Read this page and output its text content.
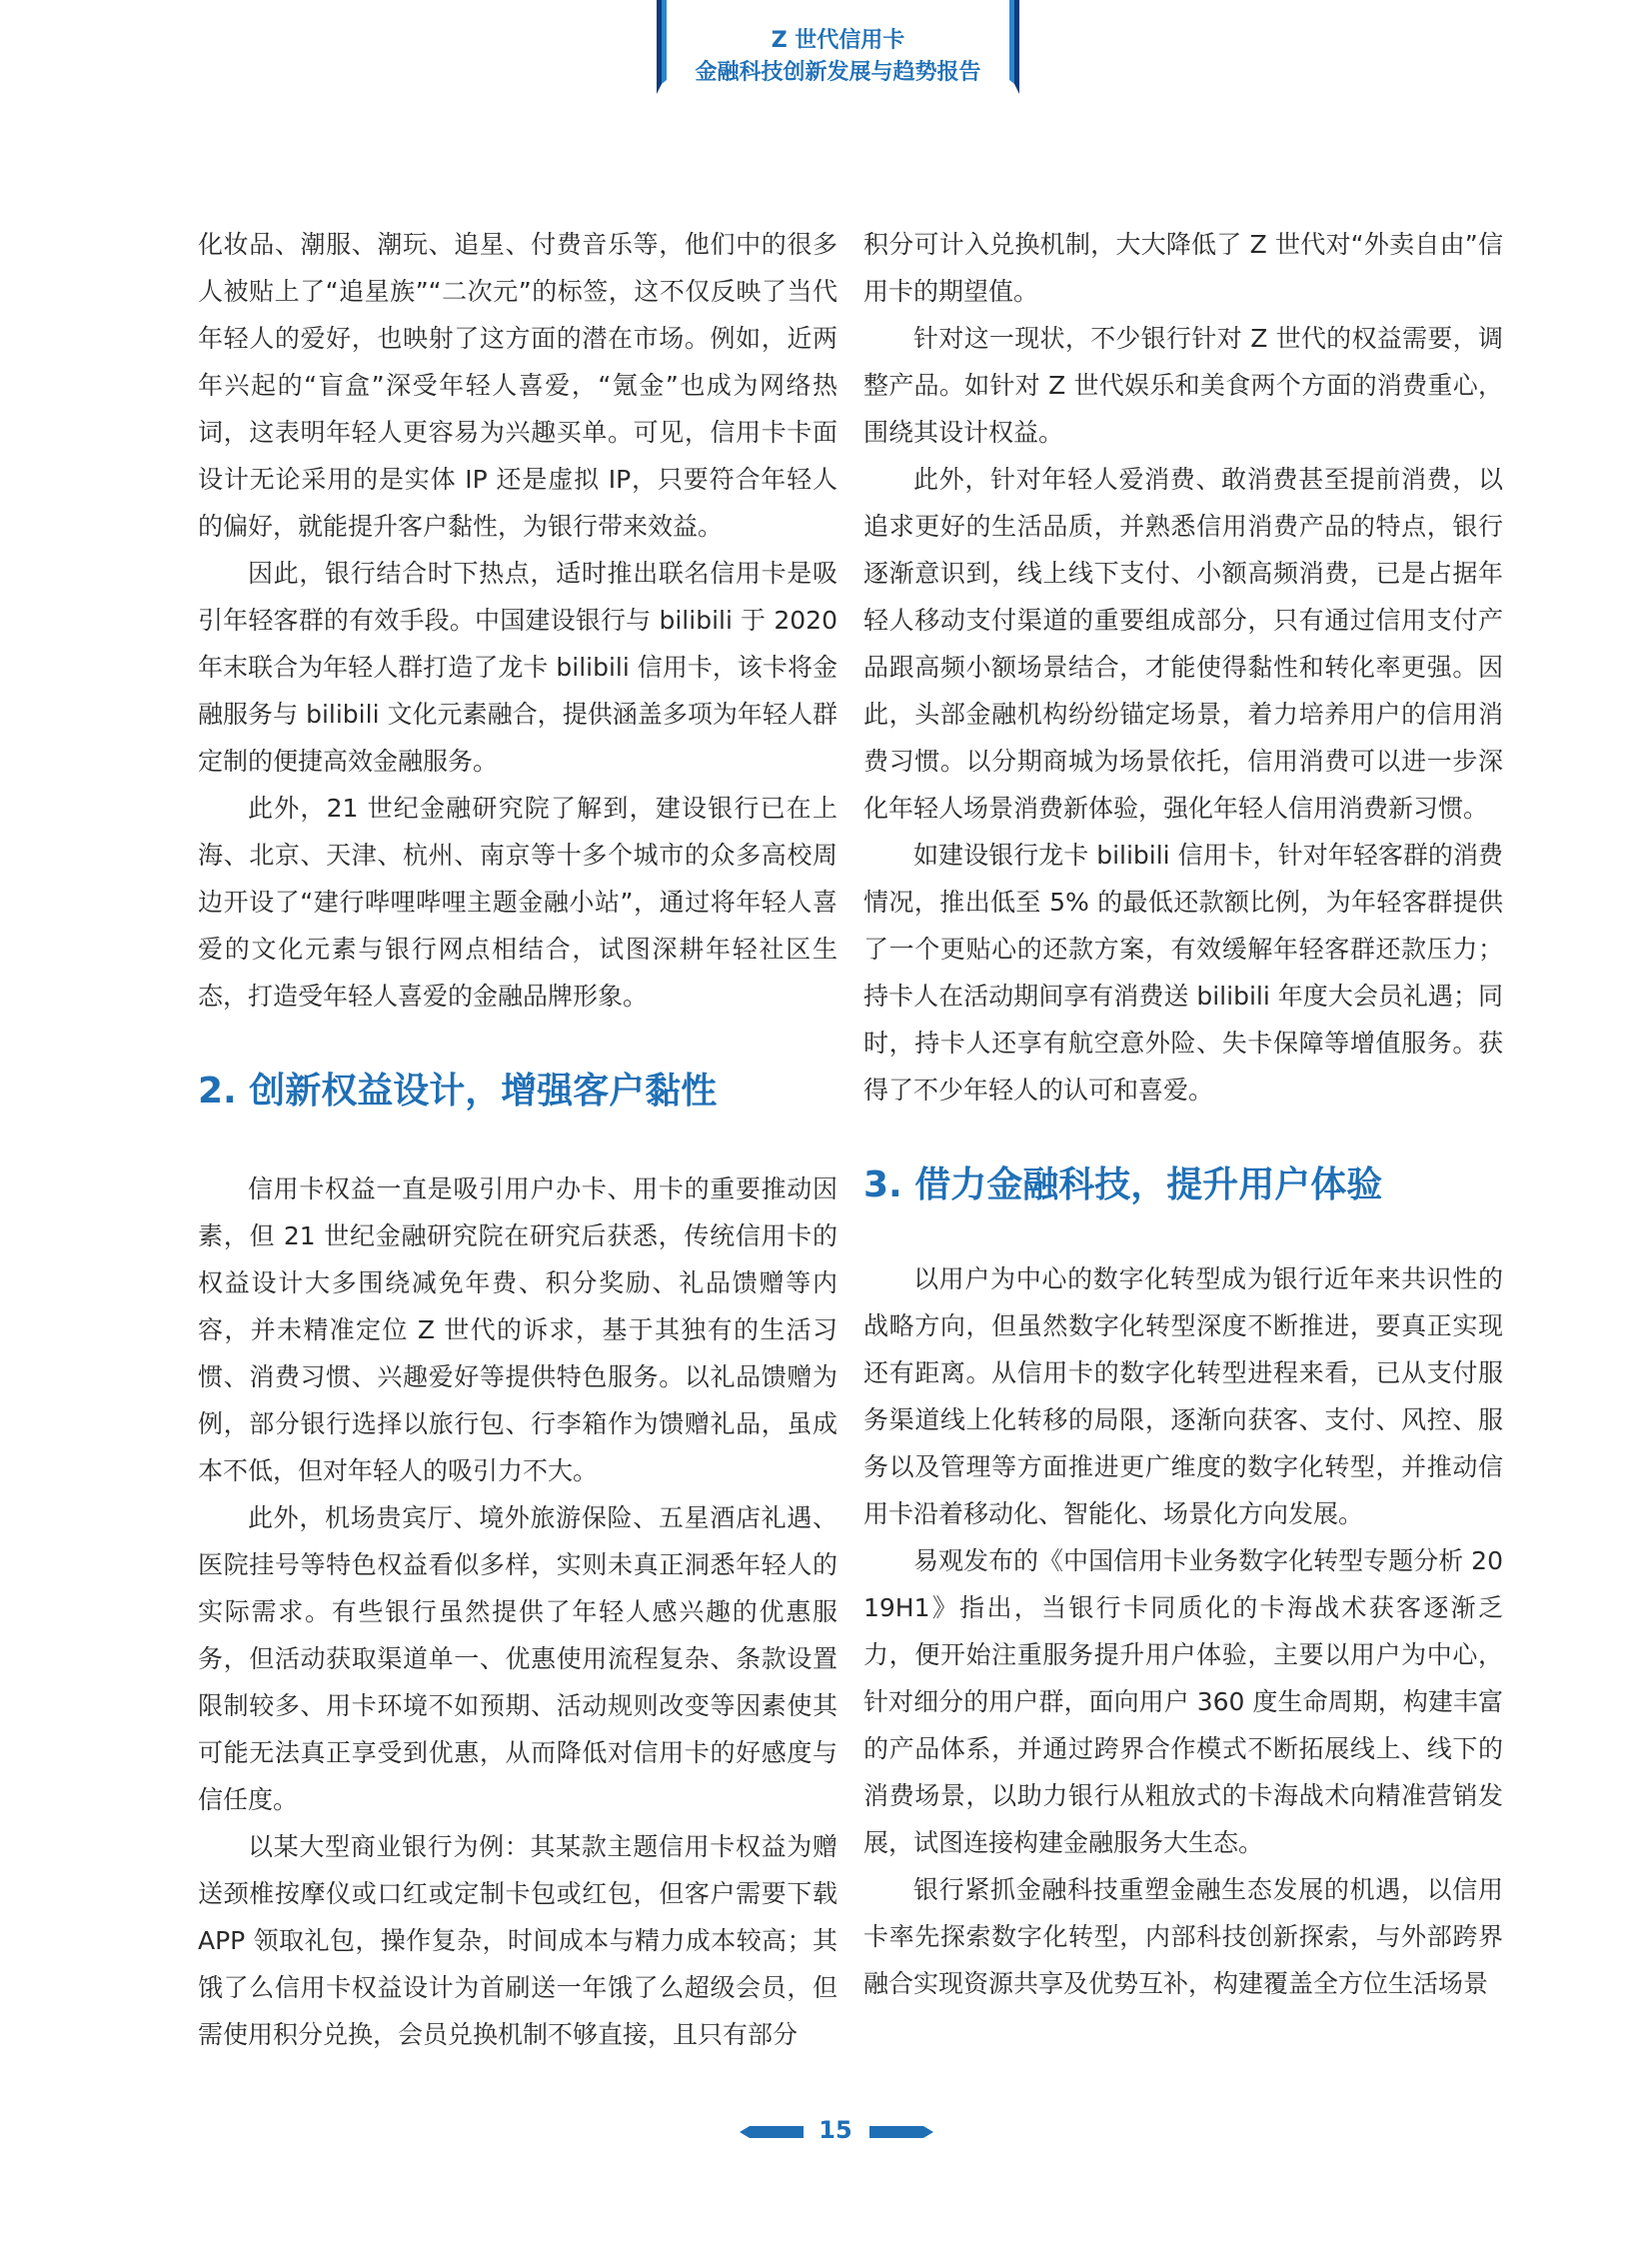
Z 世代信用卡
金融科技创新发展与趋势报告

化妆品、潮服、潮玩、追星、付费音乐等，他们中的很多人被贴上了“追星族”“二次元”的标签，这不仅反映了当代年轻人的爱好，也映射了这方面的潜在市场。例如，近两年兴起的“盲盒”深受年轻人喜爱，“氪金”也成为网络热词，这表明年轻人更容易为兴趣买单。可见，信用卡卡面设计无论采用的是实体 IP 还是虚拟 IP，只要符合年轻人的偏好，就能提升客户黏性，为银行带来效益。

因此，银行结合时下热点，适时推出联名信用卡是吸引年轻客群的有效手段。中国建设银行与 bilibili 于 2020 年末联合为年轻人群打造了龙卡 bilibili 信用卡，该卡将金融服务与 bilibili 文化元素融合，提供涵盖多项为年轻人群定制的便捷高效金融服务。

此外，21 世纪金融研究院了解到，建设银行已在上海、北京、天津、杭州、南京等十多个城市的众多高校周边开设了“建行哔哩哔哩主题金融小站”，通过将年轻人喜爱的文化元素与银行网点相结合，试图深耕年轻社区生态，打造受年轻人喜爱的金融品牌形象。

2. 创新权益设计，增强客户黏性

信用卡权益一直是吸引用户办卡、用卡的重要推动因素，但 21 世纪金融研究院在研究后获悉，传统信用卡的权益设计大多围绕减免年费、积分奖励、礼品馈赠等内容，并未精准定位 Z 世代的诉求，基于其独有的生活习惯、消费习惯、兴趣爱好等提供特色服务。以礼品馈赠为例，部分银行选择以旅行包、行李箱作为馈赠礼品，虽成本不低，但对年轻人的吸引力不大。

此外，机场贵宾厅、境外旅游保险、五星酒店礼遇、医院挂号等特色权益看似多样，实则未真正洞悉年轻人的实际需求。有些银行虽然提供了年轻人感兴趣的优惠服务，但活动获取渠道单一、优惠使用流程复杂、条款设置限制较多、用卡环境不如预期、活动规则改变等因素使其可能无法真正享受到优惠，从而降低对信用卡的好感度与信任度。

以某大型商业银行为例：其某款主题信用卡权益为赠送颈椎按摩仪或口红或定制卡包或红包，但客户需要下载 APP 领取礼包，操作复杂，时间成本与精力成本较高；其饿了么信用卡权益设计为首刷送一年饿了么超级会员，但需使用积分兑换，会员兑换机制不够直接，且只有部分

积分可计入兑换机制，大大降低了 Z 世代对“外卖自由”信用卡的期望值。

针对这一现状，不少银行针对 Z 世代的权益需要，调整产品。如针对 Z 世代娱乐和美食两个方面的消费重心，围绕其设计权益。

此外，针对年轻人爱消费、敢消费甚至提前消费，以追求更好的生活品质，并熟悉信用消费产品的特点，银行逐渐意识到，线上线下支付、小额高频消费，已是占据年轻人移动支付渠道的重要组成部分，只有通过信用支付产品跟高频小额场景结合，才能使得黏性和转化率更强。因此，头部金融机构纷纷锚定场景，着力培养用户的信用消费习惯。以分期商城为场景依托，信用消费可以进一步深化年轻人场景消费新体验，强化年轻人信用消费新习惯。

如建设银行龙卡 bilibili 信用卡，针对年轻客群的消费情况，推出低至 5% 的最低还款额比例，为年轻客群提供了一个更贴心的还款方案，有效缓解年轻客群还款压力；持卡人在活动期间享有消费送 bilibili 年度大会员礼遇；同时，持卡人还享有航空意外险、失卡保障等增值服务。获得了不少年轻人的认可和喜爱。

3. 借力金融科技，提升用户体验

以用户为中心的数字化转型成为银行近年来共识性的战略方向，但虽然数字化转型深度不断推进，要真正实现还有距离。从信用卡的数字化转型进程来看，已从支付服务渠道线上化转移的局限，逐渐向获客、支付、风控、服务以及管理等方面推进更广维度的数字化转型，并推动信用卡沿着移动化、智能化、场景化方向发展。

易观发布的《中国信用卡业务数字化转型专题分析 2019H1》指出，当银行卡同质化的卡海战术获客逐渐乏力，便开始注重服务提升用户体验，主要以用户为中心，针对细分的用户群，面向用户 360 度生命周期，构建丰富的产品体系，并通过跨界合作模式不断拓展线上、线下的消费场景，以助力银行从粗放式的卡海战术向精准营销发展，试图连接构建金融服务大生态。

银行紧抓金融科技重塑金融生态发展的机遇，以信用卡率先探索数字化转型，内部科技创新探索，与外部跨界融合实现资源共享及优势互补，构建覆盖全方位生活场景

15
